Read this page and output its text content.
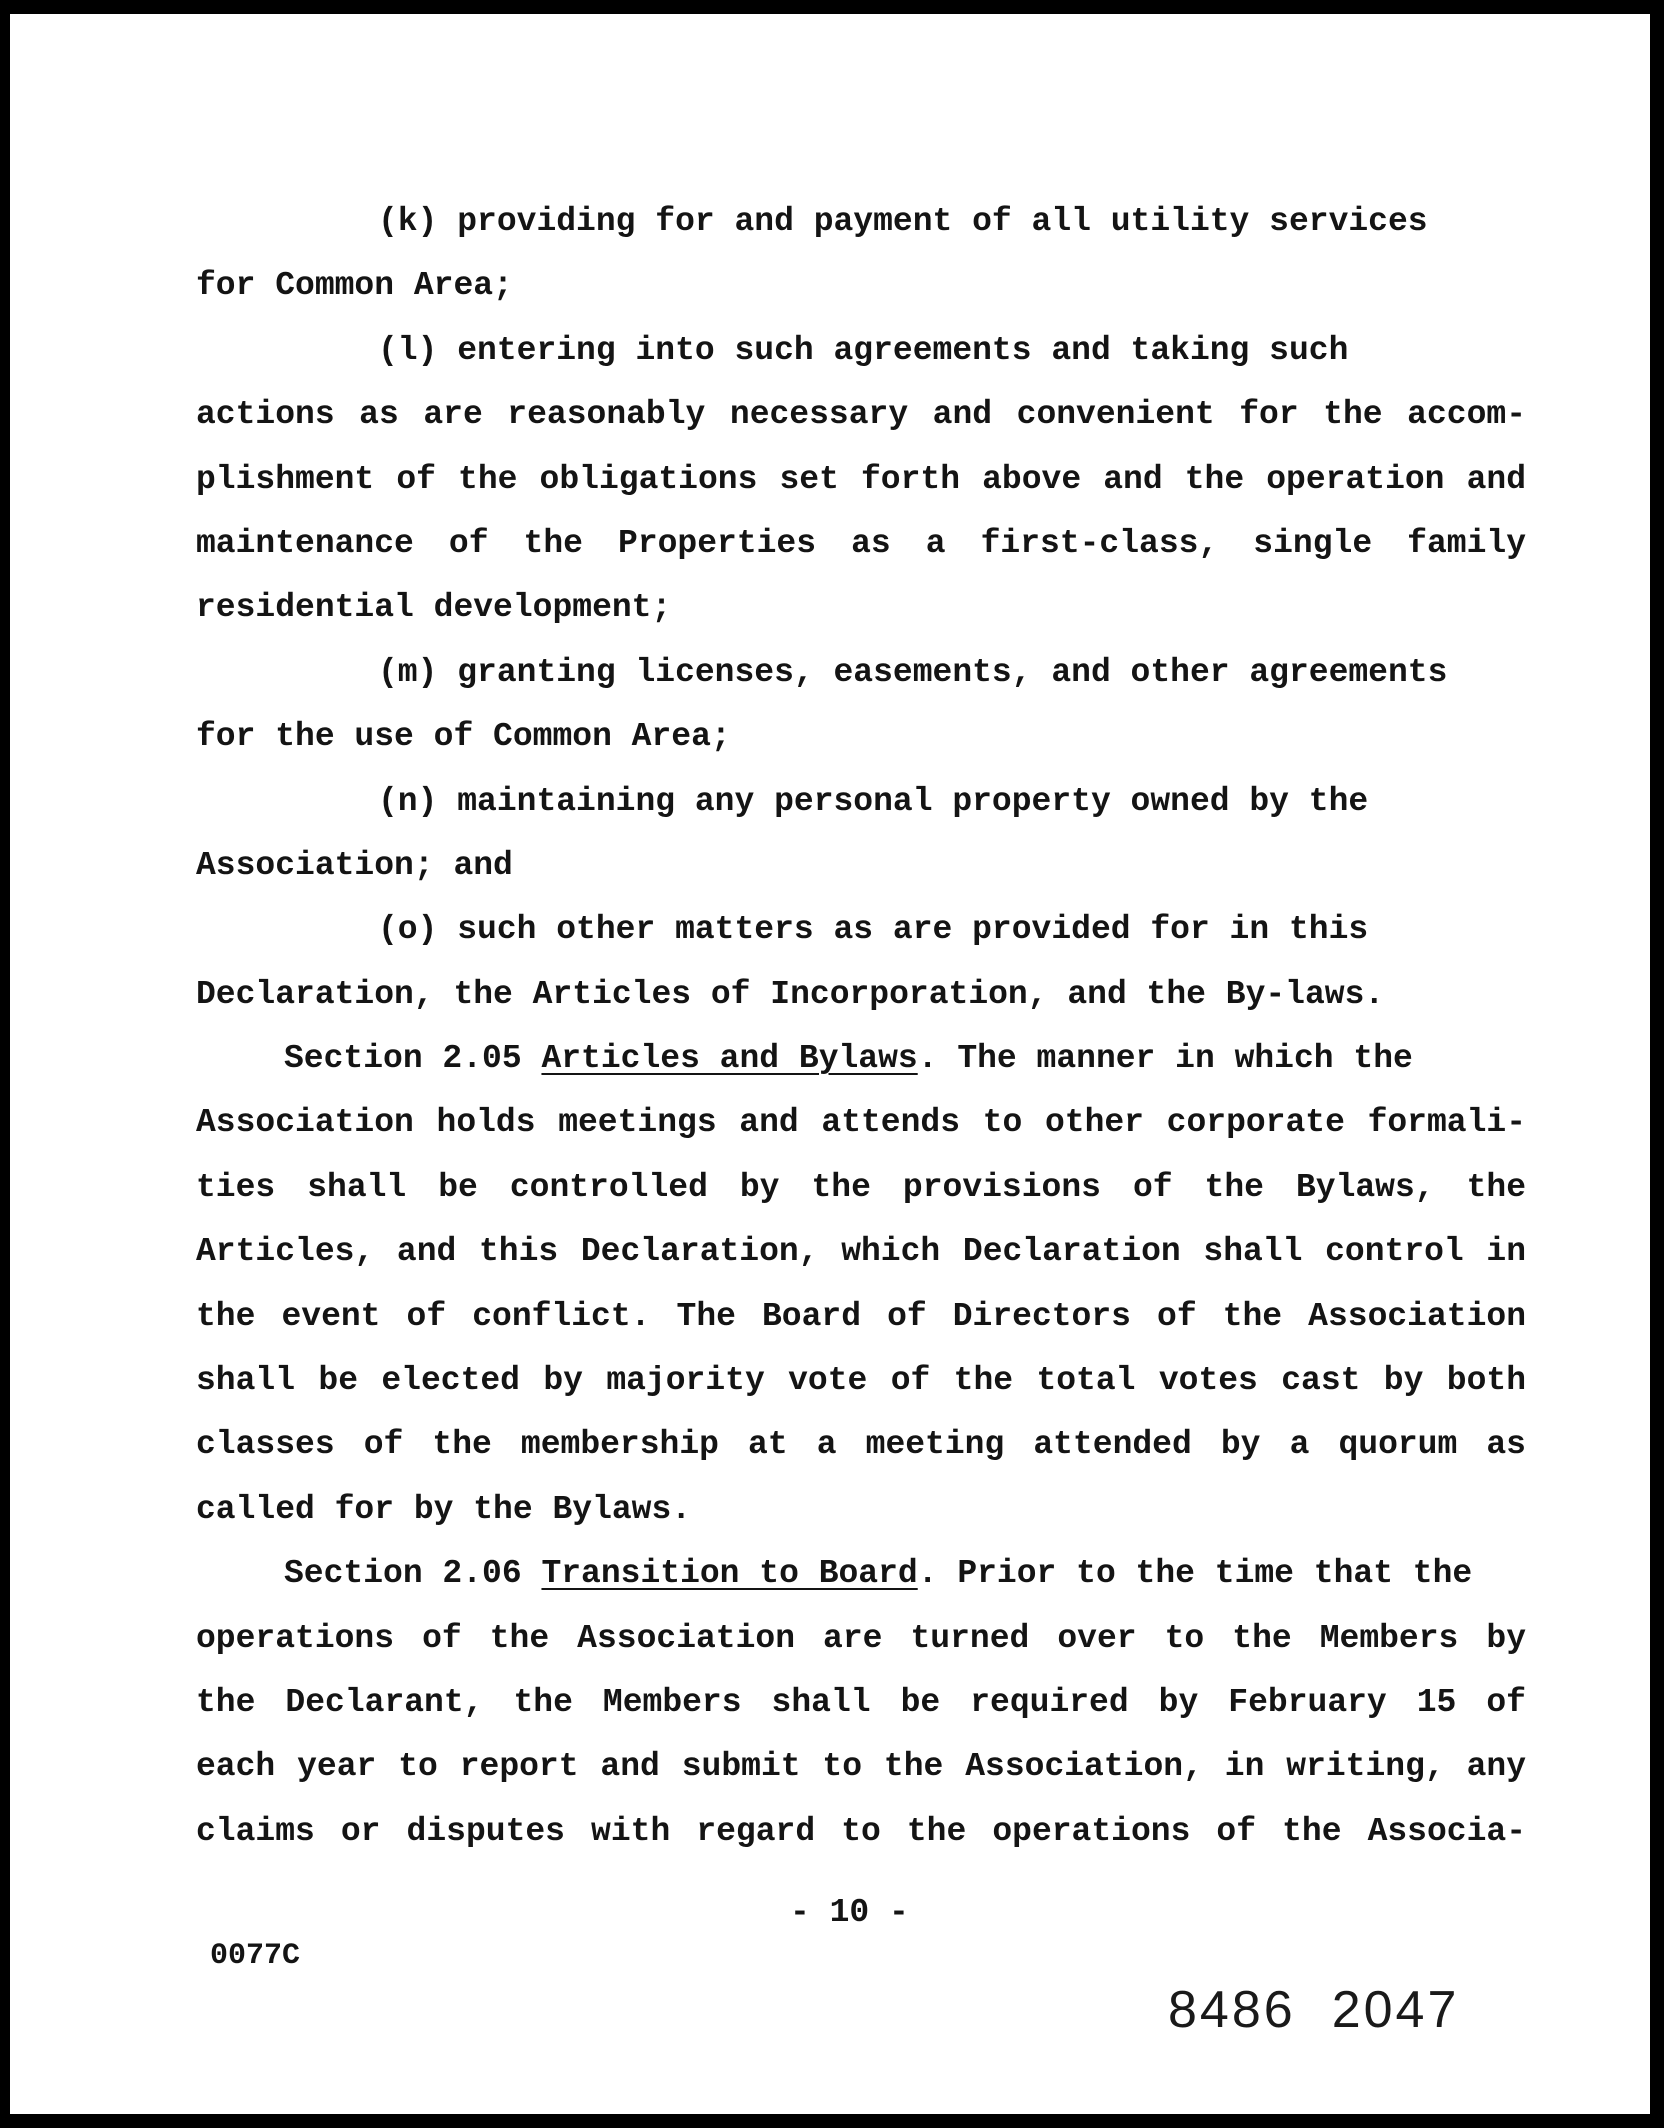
(k) providing for and payment of all utility services
for Common Area;
(l) entering into such agreements and taking such
actions as are reasonably necessary and convenient for the accom-
plishment of the obligations set forth above and the operation and
maintenance of the Properties as a first-class, single family
residential development;
(m) granting licenses, easements, and other agreements
for the use of Common Area;
(n) maintaining any personal property owned by the
Association; and
(o) such other matters as are provided for in this
Declaration, the Articles of Incorporation, and the By-laws.
Section 2.05 Articles and Bylaws. The manner in which the
Association holds meetings and attends to other corporate formali-
ties shall be controlled by the provisions of the Bylaws, the
Articles, and this Declaration, which Declaration shall control in
the event of conflict. The Board of Directors of the Association
shall be elected by majority vote of the total votes cast by both
classes of the membership at a meeting attended by a quorum as
called for by the Bylaws.
Section 2.06 Transition to Board. Prior to the time that the
operations of the Association are turned over to the Members by
the Declarant, the Members shall be required by February 15 of
each year to report and submit to the Association, in writing, any
claims or disputes with regard to the operations of the Associa-
- 10 -
0077C
8486 2047
